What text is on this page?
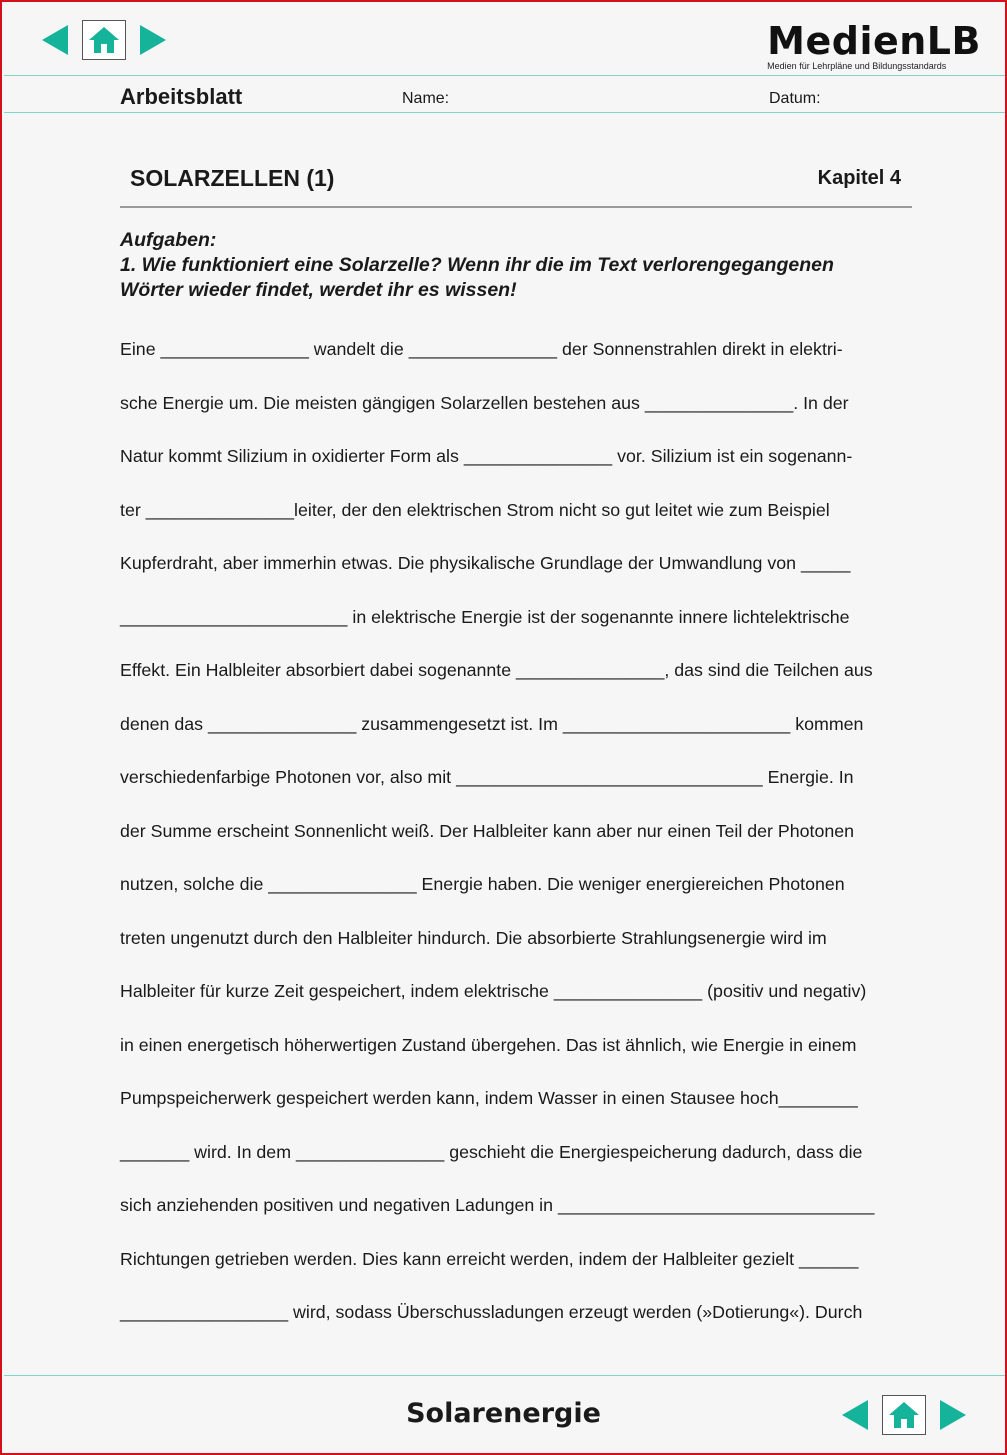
MedienLB
Medien für Lehrpläne und Bildungsstandards
Arbeitsblatt	Name:	Datum:
SOLARZELLEN (1)	Kapitel 4
Aufgaben:
1. Wie funktioniert eine Solarzelle? Wenn ihr die im Text verlorengegangenen
Wörter wieder findet, werdet ihr es wissen!
Eine _______________ wandelt die _______________ der Sonnenstrahlen direkt in elektri-
sche Energie um. Die meisten gängigen Solarzellen bestehen aus _______________. In der
Natur kommt Silizium in oxidierter Form als _______________ vor. Silizium ist ein sogenann-
ter _______________leiter, der den elektrischen Strom nicht so gut leitet wie zum Beispiel
Kupferdraht, aber immerhin etwas. Die physikalische Grundlage der Umwandlung von _____
_______________________ in elektrische Energie ist der sogenannte innere lichtelektrische
Effekt. Ein Halbleiter absorbiert dabei sogenannte _______________, das sind die Teilchen aus
denen das _______________ zusammengesetzt ist. Im _______________________ kommen
verschiedenfarbige Photonen vor, also mit _______________________________ Energie. In
der Summe erscheint Sonnenlicht weiß. Der Halbleiter kann aber nur einen Teil der Photonen
nutzen, solche die _______________ Energie haben. Die weniger energiereichen Photonen
treten ungenutzt durch den Halbleiter hindurch. Die absorbierte Strahlungsenergie wird im
Halbleiter für kurze Zeit gespeichert, indem elektrische _______________ (positiv und negativ)
in einen energetisch höherwertigen Zustand übergehen. Das ist ähnlich, wie Energie in einem
Pumpspeicherwerk gespeichert werden kann, indem Wasser in einen Stausee hoch________
_______ wird. In dem _______________ geschieht die Energiespeicherung dadurch, dass die
sich anziehenden positiven und negativen Ladungen in ________________________________
Richtungen getrieben werden. Dies kann erreicht werden, indem der Halbleiter gezielt ______
_________________ wird, sodass Überschussladungen erzeugt werden (»Dotierung«). Durch
Solarenergie
